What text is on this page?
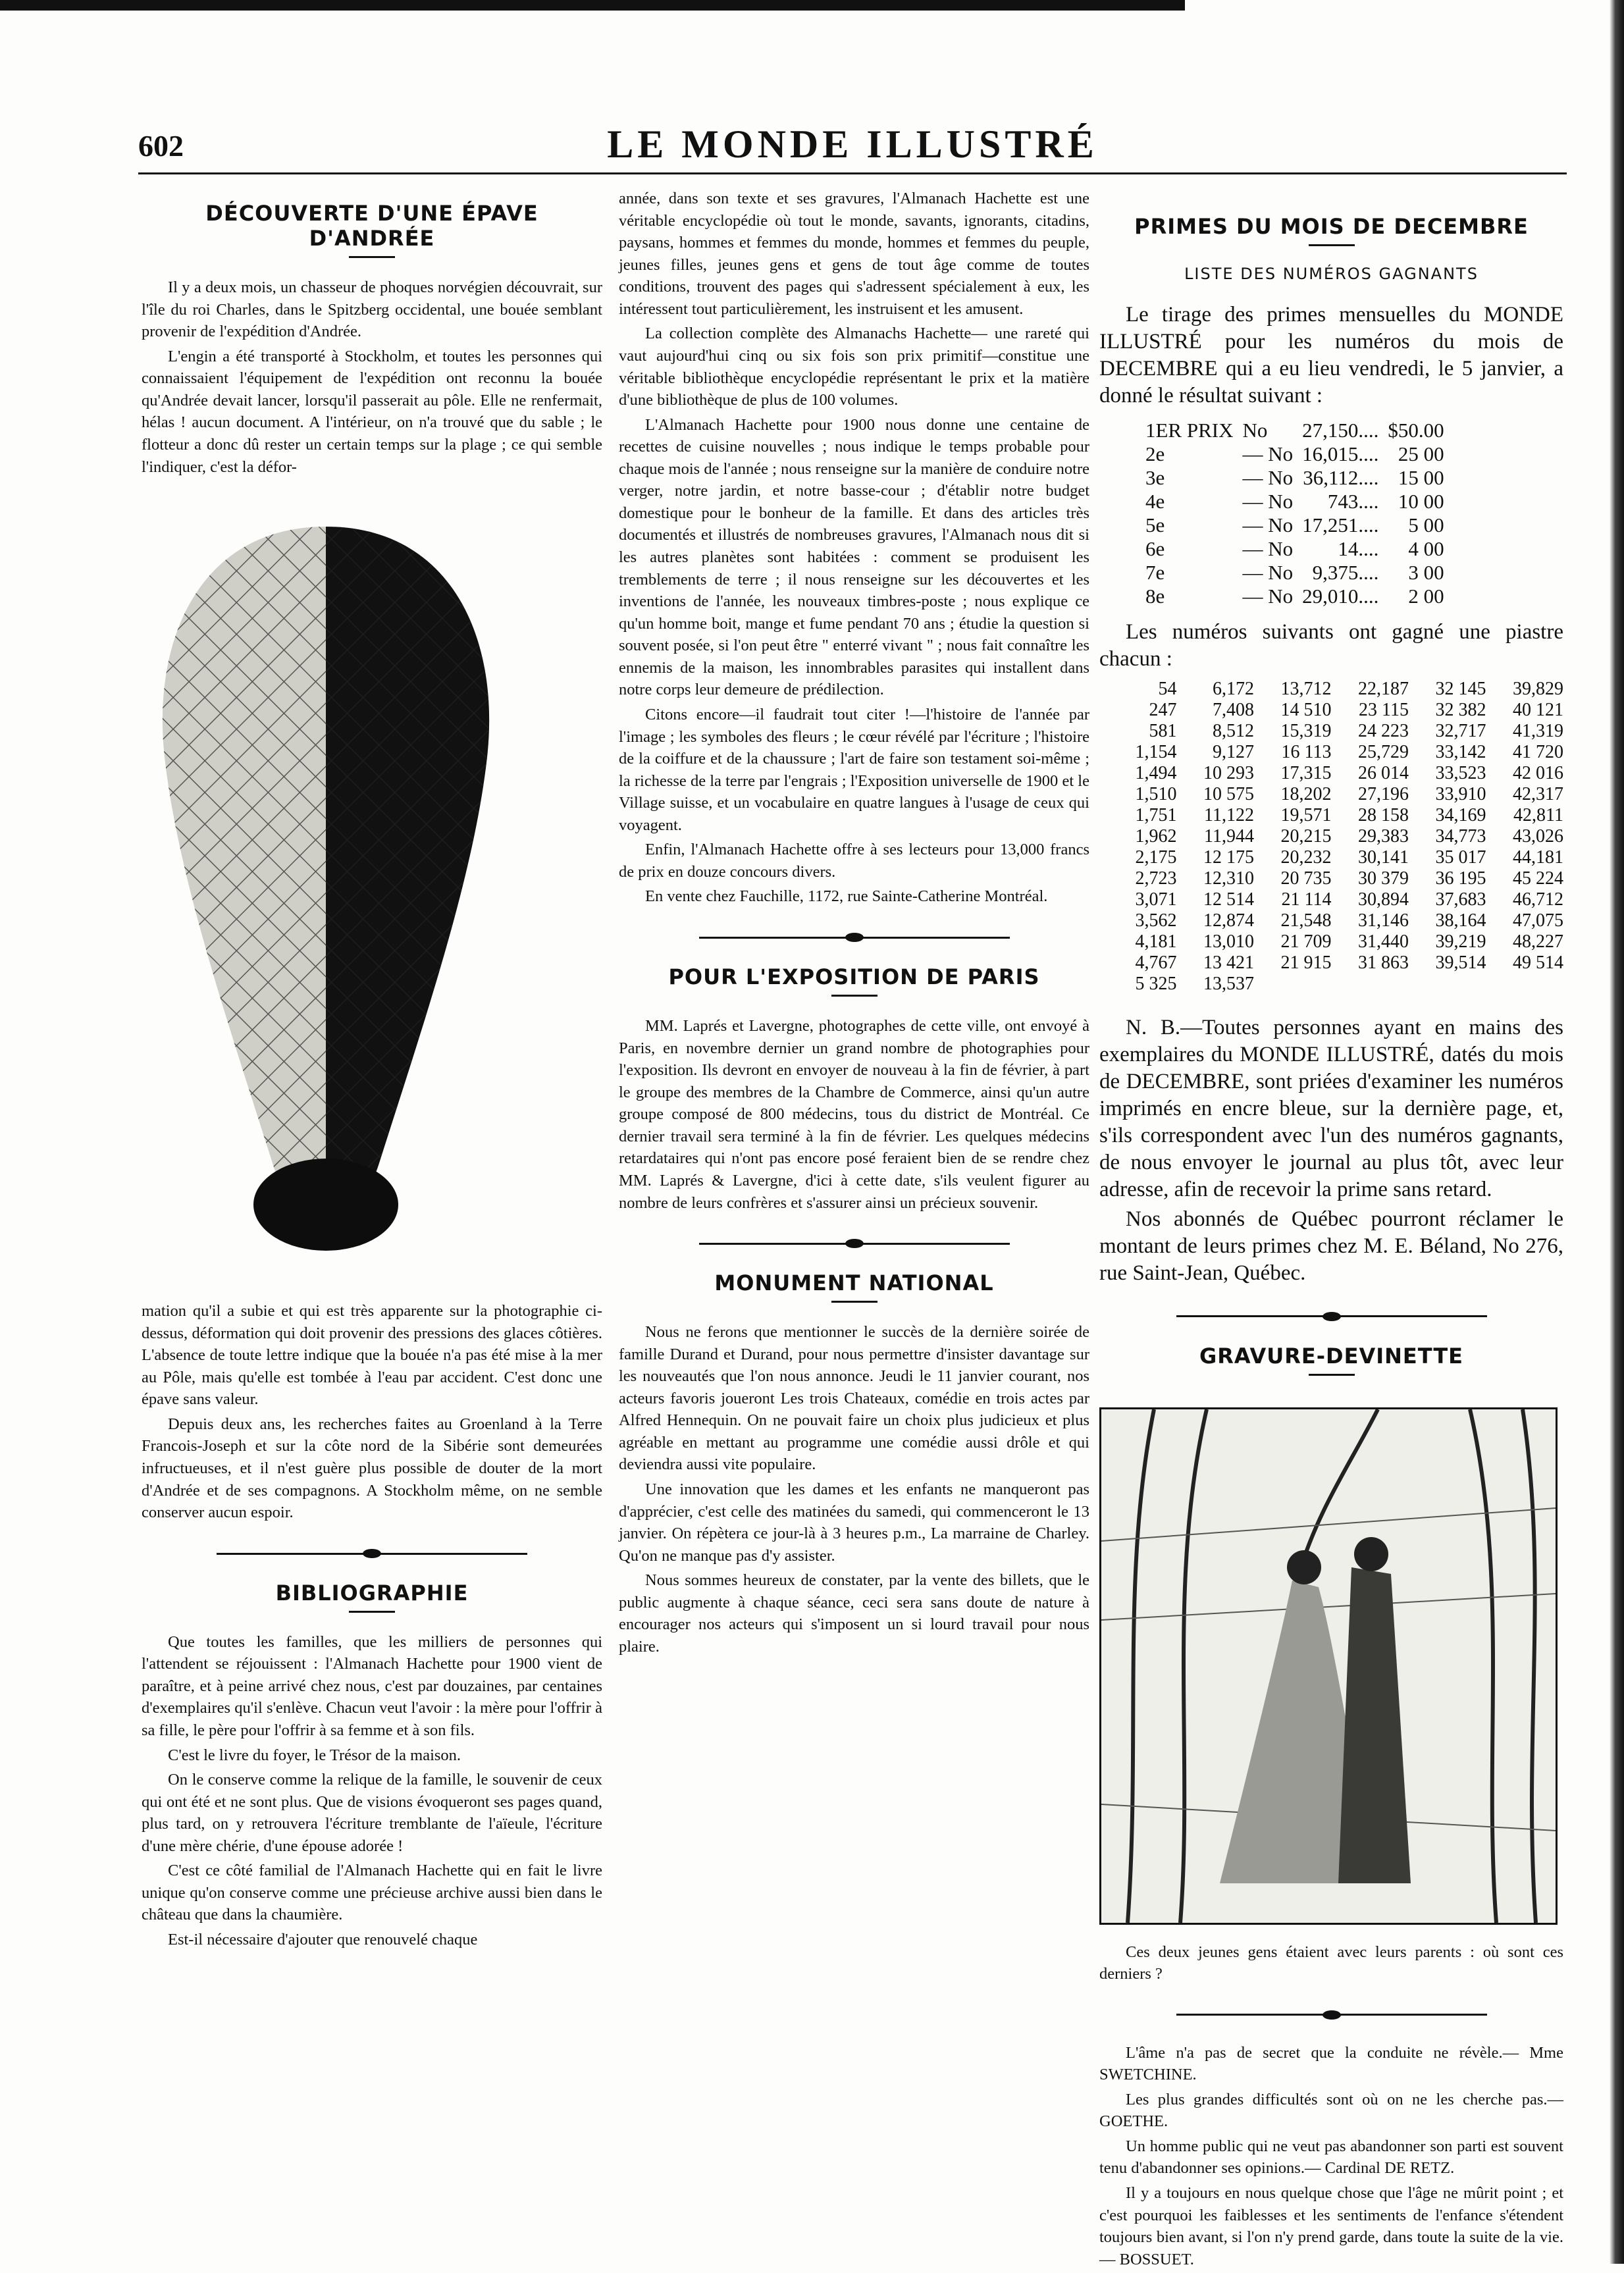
602	LE MONDE ILLUSTRÉ
DÉCOUVERTE D'UNE ÉPAVE D'ANDRÉE

Il y a deux mois, un chasseur de phoques norvégien découvrait, sur l'île du roi Charles, dans le Spitzberg occidental, une bouée semblant provenir de l'expédition d'Andrée.

L'engin a été transporté à Stockholm, et toutes les personnes qui connaissaient l'équipement de l'expédition ont reconnu la bouée qu'Andrée devait lancer, lorsqu'il passerait au pôle. Elle ne renfermait, hélas ! aucun document. A l'intérieur, on n'a trouvé que du sable ; le flotteur a donc dû rester un certain temps sur la plage ; ce qui semble l'indiquer, c'est la défor-

mation qu'il a subie et qui est très apparente sur la photographie ci-dessus, déformation qui doit provenir des pressions des glaces côtières. L'absence de toute lettre indique que la bouée n'a pas été mise à la mer au Pôle, mais qu'elle est tombée à l'eau par accident. C'est donc une épave sans valeur.

Depuis deux ans, les recherches faites au Groenland à la Terre Francois-Joseph et sur la côte nord de la Sibérie sont demeurées infructueuses, et il n'est guère plus possible de douter de la mort d'Andrée et de ses compagnons. A Stockholm même, on ne semble conserver aucun espoir.

BIBLIOGRAPHIE

Que toutes les familles, que les milliers de personnes qui l'attendent se réjouissent : l'Almanach Hachette pour 1900 vient de paraître, et à peine arrivé chez nous, c'est par douzaines, par centaines d'exemplaires qu'il s'enlève. Chacun veut l'avoir : la mère pour l'offrir à sa fille, le père pour l'offrir à sa femme et à son fils.

C'est le livre du foyer, le Trésor de la maison.

On le conserve comme la relique de la famille, le souvenir de ceux qui ont été et ne sont plus. Que de visions évoqueront ses pages quand, plus tard, on y retrouvera l'écriture tremblante de l'aïeule, l'écriture d'une mère chérie, d'une épouse adorée !

C'est ce côté familial de l'Almanach Hachette qui en fait le livre unique qu'on conserve comme une précieuse archive aussi bien dans le château que dans la chaumière.

Est-il nécessaire d'ajouter que renouvelé chaque

année, dans son texte et ses gravures, l'Almanach Hachette est une véritable encyclopédie où tout le monde, savants, ignorants, citadins, paysans, hommes et femmes du monde, hommes et femmes du peuple, jeunes filles, jeunes gens et gens de tout âge comme de toutes conditions, trouvent des pages qui s'adressent spécialement à eux, les intéressent tout particulièrement, les instruisent et les amusent.

La collection complète des Almanachs Hachette— une rareté qui vaut aujourd'hui cinq ou six fois son prix primitif—constitue une véritable bibliothèque encyclopédie représentant le prix et la matière d'une bibliothèque de plus de 100 volumes.

L'Almanach Hachette pour 1900 nous donne une centaine de recettes de cuisine nouvelles ; nous indique le temps probable pour chaque mois de l'année ; nous renseigne sur la manière de conduire notre verger, notre jardin, et notre basse-cour ; d'établir notre budget domestique pour le bonheur de la famille. Et dans des articles très documentés et illustrés de nombreuses gravures, l'Almanach nous dit si les autres planètes sont habitées : comment se produisent les tremblements de terre ; il nous renseigne sur les découvertes et les inventions de l'année, les nouveaux timbres-poste ; nous explique ce qu'un homme boit, mange et fume pendant 70 ans ; étudie la question si souvent posée, si l'on peut être " enterré vivant " ; nous fait connaître les ennemis de la maison, les innombrables parasites qui installent dans notre corps leur demeure de prédilection.

Citons encore—il faudrait tout citer !—l'histoire de l'année par l'image ; les symboles des fleurs ; le cœur révélé par l'écriture ; l'histoire de la coiffure et de la chaussure ; l'art de faire son testament soi-même ; la richesse de la terre par l'engrais ; l'Exposition universelle de 1900 et le Village suisse, et un vocabulaire en quatre langues à l'usage de ceux qui voyagent.

Enfin, l'Almanach Hachette offre à ses lecteurs pour 13,000 francs de prix en douze concours divers.

En vente chez Fauchille, 1172, rue Sainte-Catherine Montréal.

POUR L'EXPOSITION DE PARIS

MM. Laprés et Lavergne, photographes de cette ville, ont envoyé à Paris, en novembre dernier un grand nombre de photographies pour l'exposition. Ils devront en envoyer de nouveau à la fin de février, à part le groupe des membres de la Chambre de Commerce, ainsi qu'un autre groupe composé de 800 médecins, tous du district de Montréal. Ce dernier travail sera terminé à la fin de février. Les quelques médecins retardataires qui n'ont pas encore posé feraient bien de se rendre chez MM. Laprés & Lavergne, d'ici à cette date, s'ils veulent figurer au nombre de leurs confrères et s'assurer ainsi un précieux souvenir.

MONUMENT NATIONAL

Nous ne ferons que mentionner le succès de la dernière soirée de famille Durand et Durand, pour nous permettre d'insister davantage sur les nouveautés que l'on nous annonce. Jeudi le 11 janvier courant, nos acteurs favoris joueront Les trois Chateaux, comédie en trois actes par Alfred Hennequin. On ne pouvait faire un choix plus judicieux et plus agréable en mettant au programme une comédie aussi drôle et qui deviendra aussi vite populaire.

Une innovation que les dames et les enfants ne manqueront pas d'apprécier, c'est celle des matinées du samedi, qui commenceront le 13 janvier. On répètera ce jour-là à 3 heures p.m., La marraine de Charley. Qu'on ne manque pas d'y assister.

Nous sommes heureux de constater, par la vente des billets, que le public augmente à chaque séance, ceci sera sans doute de nature à encourager nos acteurs qui s'imposent un si lourd travail pour nous plaire.

PRIMES DU MOIS DE DECEMBRE
LISTE DES NUMÉROS GAGNANTS

Le tirage des primes mensuelles du MONDE ILLUSTRÉ pour les numéros du mois de DECEMBRE qui a eu lieu vendredi, le 5 janvier, a donné le résultat suivant :

1ER PRIX	No	27,150....	$50.00
2e	— No	16,015....	25 00
3e	— No	36,112....	15 00
4e	— No	743....	10 00
5e	— No	17,251....	5 00
6e	— No	14....	4 00
7e	— No	9,375....	3 00
8e	— No	29,010....	2 00

Les numéros suivants ont gagné une piastre chacun :

54	6,172	13,712	22,187	32 145	39,829
247	7,408	14 510	23 115	32 382	40 121
581	8,512	15,319	24 223	32,717	41,319
1,154	9,127	16 113	25,729	33,142	41 720
1,494	10 293	17,315	26 014	33,523	42 016
1,510	10 575	18,202	27,196	33,910	42,317
1,751	11,122	19,571	28 158	34,169	42,811
1,962	11,944	20,215	29,383	34,773	43,026
2,175	12 175	20,232	30,141	35 017	44,181
2,723	12,310	20 735	30 379	36 195	45 224
3,071	12 514	21 114	30,894	37,683	46,712
3,562	12,874	21,548	31,146	38,164	47,075
4,181	13,010	21 709	31,440	39,219	48,227
4,767	13 421	21 915	31 863	39,514	49 514
5 325	13,537				

N. B.—Toutes personnes ayant en mains des exemplaires du MONDE ILLUSTRÉ, datés du mois de DECEMBRE, sont priées d'examiner les numéros imprimés en encre bleue, sur la dernière page, et, s'ils correspondent avec l'un des numéros gagnants, de nous envoyer le journal au plus tôt, avec leur adresse, afin de recevoir la prime sans retard.

Nos abonnés de Québec pourront réclamer le montant de leurs primes chez M. E. Béland, No 276, rue Saint-Jean, Québec.

GRAVURE-DEVINETTE

Ces deux jeunes gens étaient avec leurs parents : où sont ces derniers ?

L'âme n'a pas de secret que la conduite ne révèle.— Mme SWETCHINE.

Les plus grandes difficultés sont où on ne les cherche pas.—GOETHE.

Un homme public qui ne veut pas abandonner son parti est souvent tenu d'abandonner ses opinions.— Cardinal DE RETZ.

Il y a toujours en nous quelque chose que l'âge ne mûrit point ; et c'est pourquoi les faiblesses et les sentiments de l'enfance s'étendent toujours bien avant, si l'on n'y prend garde, dans toute la suite de la vie.— BOSSUET.
